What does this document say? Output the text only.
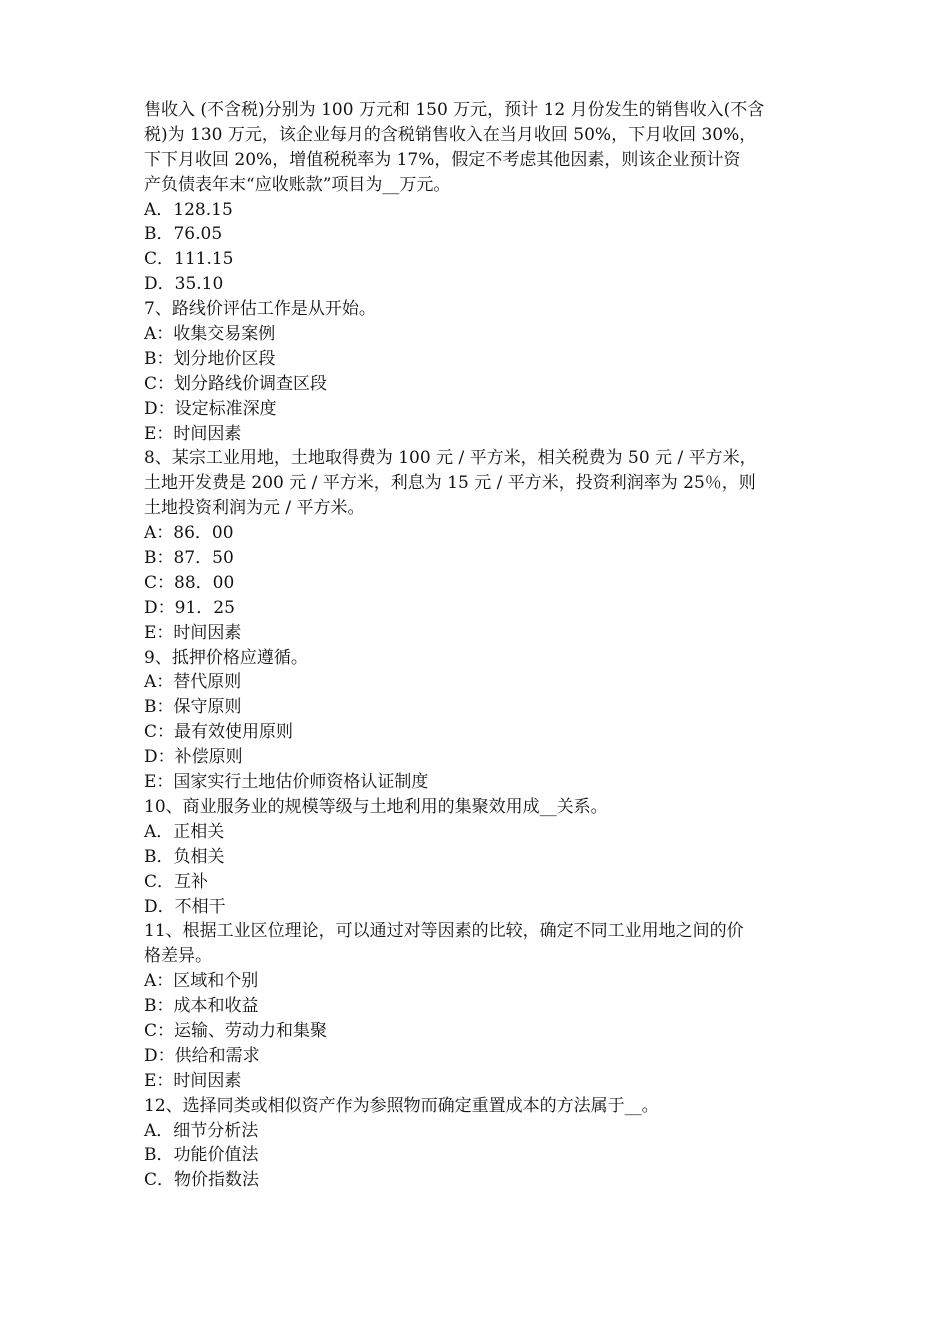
售收入 (不含税)分别为 100 万元和 150 万元，预计 12 月份发生的销售收入(不含
税)为 130 万元，该企业每月的含税销售收入在当月收回 50%，下月收回 30%，
下下月收回 20%，增值税税率为 17%，假定不考虑其他因素，则该企业预计资
产负债表年末“应收账款”项目为__万元。
A．128.15
B．76.05
C．111.15
D．35.10
7、路线价评估工作是从开始。
A：收集交易案例
B：划分地价区段
C：划分路线价调查区段
D：设定标准深度
E：时间因素
8、某宗工业用地，土地取得费为 100 元 / 平方米，相关税费为 50 元 / 平方米，
土地开发费是 200 元 / 平方米，利息为 15 元 / 平方米，投资利润率为 25％，则
土地投资利润为元 / 平方米。
A：86．00
B：87．50
C：88．00
D：91．25
E：时间因素
9、抵押价格应遵循。
A：替代原则
B：保守原则
C：最有效使用原则
D：补偿原则
E：国家实行土地估价师资格认证制度
10、商业服务业的规模等级与土地利用的集聚效用成__关系。
A．正相关
B．负相关
C．互补
D．不相干
11、根据工业区位理论，可以通过对等因素的比较，确定不同工业用地之间的价
格差异。
A：区域和个别
B：成本和收益
C：运输、劳动力和集聚
D：供给和需求
E：时间因素
12、选择同类或相似资产作为参照物而确定重置成本的方法属于__。
A．细节分析法
B．功能价值法
C．物价指数法
